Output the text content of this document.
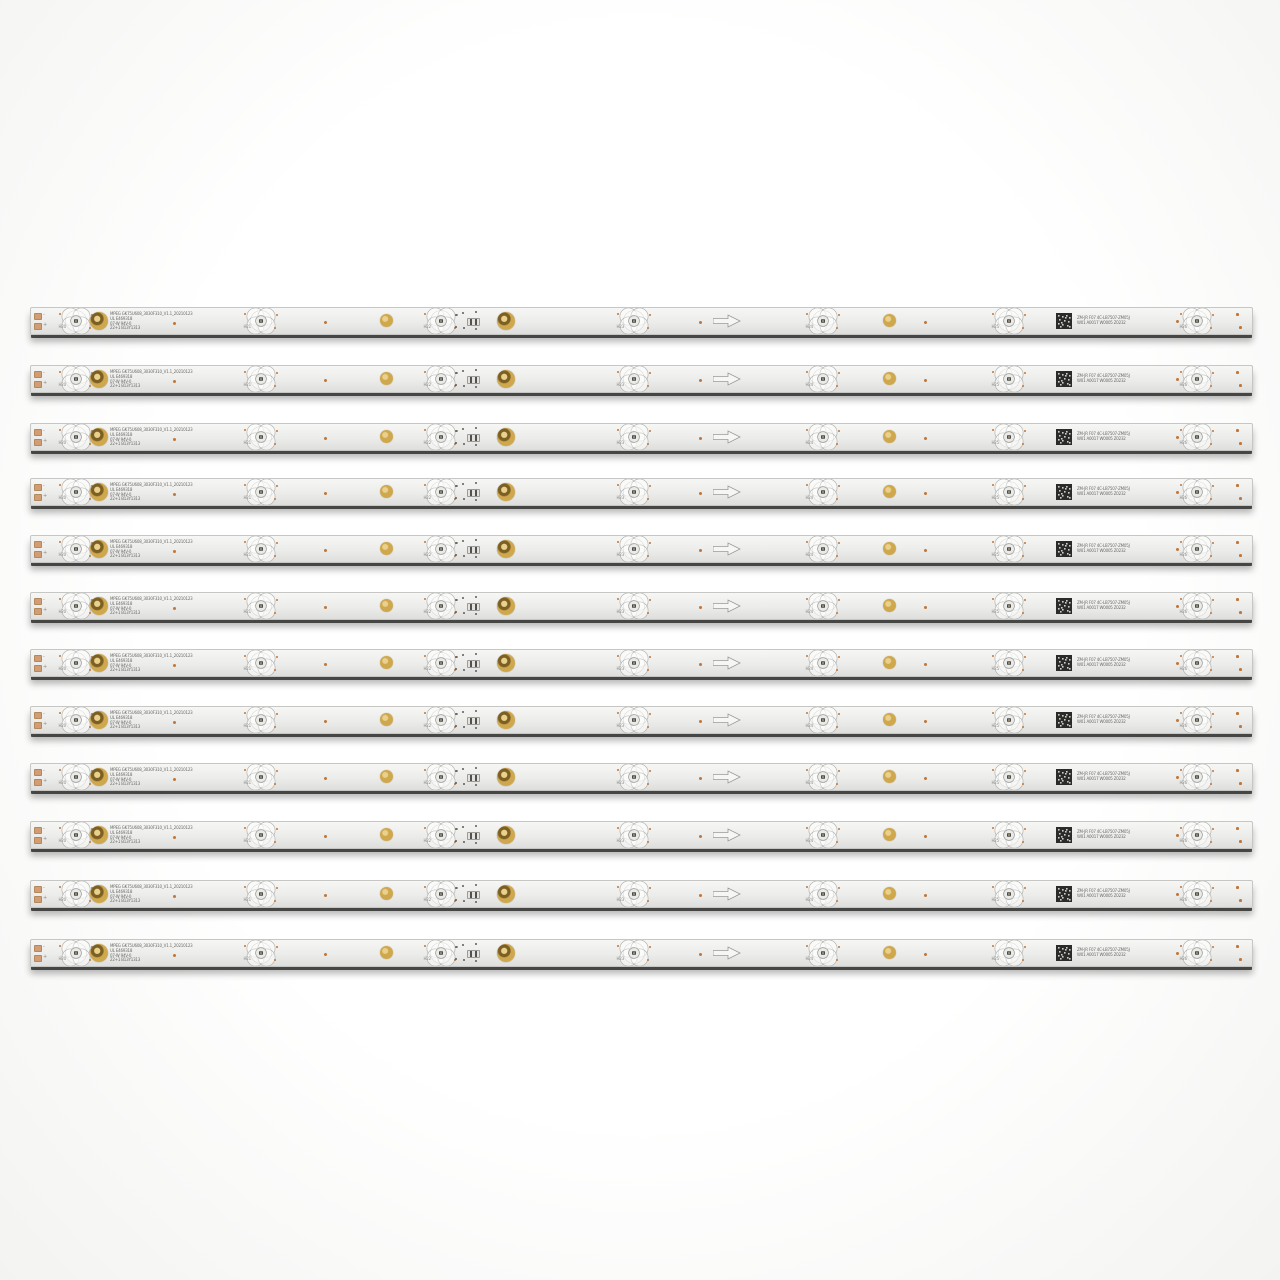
-
+	H20	H21	H22	H23	H24	H25	H26
MPEG GK75U608_3030F310_V1.1_20210123
UL E469318
07-W 94V-0
22+1 B13Y1313
ZM-JR F07 4C-LB7507-ZM05J
W01 A0017 W0005 Z0232
-
+	H20	H21	H22	H23	H24	H25	H26
MPEG GK75U608_3030F310_V1.1_20210123
UL E469318
07-W 94V-0
22+1 B13Y1313
ZM-JR F07 4C-LB7507-ZM05J
W01 A0017 W0005 Z0232
-
+	H20	H21	H22	H23	H24	H25	H26
MPEG GK75U608_3030F310_V1.1_20210123
UL E469318
07-W 94V-0
22+1 B13Y1313
ZM-JR F07 4C-LB7507-ZM05J
W01 A0017 W0005 Z0232
-
+	H20	H21	H22	H23	H24	H25	H26
MPEG GK75U608_3030F310_V1.1_20210123
UL E469318
07-W 94V-0
22+1 B13Y1313
ZM-JR F07 4C-LB7507-ZM05J
W01 A0017 W0005 Z0232
-
+	H20	H21	H22	H23	H24	H25	H26
MPEG GK75U608_3030F310_V1.1_20210123
UL E469318
07-W 94V-0
22+1 B13Y1313
ZM-JR F07 4C-LB7507-ZM05J
W01 A0017 W0005 Z0232
-
+	H20	H21	H22	H23	H24	H25	H26
MPEG GK75U608_3030F310_V1.1_20210123
UL E469318
07-W 94V-0
22+1 B13Y1313
ZM-JR F07 4C-LB7507-ZM05J
W01 A0017 W0005 Z0232
-
+	H20	H21	H22	H23	H24	H25	H26
MPEG GK75U608_3030F310_V1.1_20210123
UL E469318
07-W 94V-0
22+1 B13Y1313
ZM-JR F07 4C-LB7507-ZM05J
W01 A0017 W0005 Z0232
-
+	H20	H21	H22	H23	H24	H25	H26
MPEG GK75U608_3030F310_V1.1_20210123
UL E469318
07-W 94V-0
22+1 B13Y1313
ZM-JR F07 4C-LB7507-ZM05J
W01 A0017 W0005 Z0232
-
+	H20	H21	H22	H23	H24	H25	H26
MPEG GK75U608_3030F310_V1.1_20210123
UL E469318
07-W 94V-0
22+1 B13Y1313
ZM-JR F07 4C-LB7507-ZM05J
W01 A0017 W0005 Z0232
-
+	H20	H21	H22	H23	H24	H25	H26
MPEG GK75U608_3030F310_V1.1_20210123
UL E469318
07-W 94V-0
22+1 B13Y1313
ZM-JR F07 4C-LB7507-ZM05J
W01 A0017 W0005 Z0232
-
+	H20	H21	H22	H23	H24	H25	H26
MPEG GK75U608_3030F310_V1.1_20210123
UL E469318
07-W 94V-0
22+1 B13Y1313
ZM-JR F07 4C-LB7507-ZM05J
W01 A0017 W0005 Z0232
-
+	H20	H21	H22	H23	H24	H25	H26
MPEG GK75U608_3030F310_V1.1_20210123
UL E469318
07-W 94V-0
22+1 B13Y1313
ZM-JR F07 4C-LB7507-ZM05J
W01 A0017 W0005 Z0232
